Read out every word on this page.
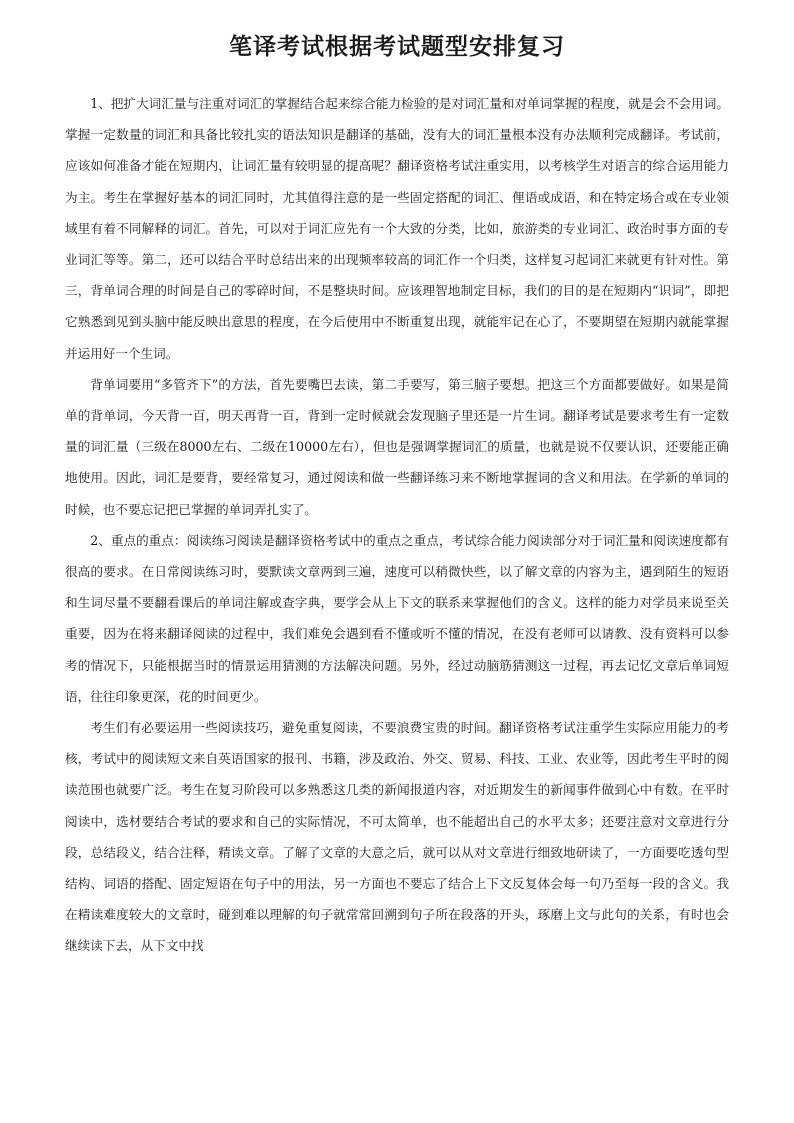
笔译考试根据考试题型安排复习

1、把扩大词汇量与注重对词汇的掌握结合起来综合能力检验的是对词汇量和对单词掌握的程度，就是会不会用词。掌握一定数量的词汇和具备比较扎实的语法知识是翻译的基础，没有大的词汇量根本没有办法顺利完成翻译。考试前，应该如何准备才能在短期内，让词汇量有较明显的提高呢？翻译资格考试注重实用，以考核学生对语言的综合运用能力为主。考生在掌握好基本的词汇同时，尤其值得注意的是一些固定搭配的词汇、俚语或成语，和在特定场合或在专业领域里有着不同解释的词汇。首先，可以对于词汇应先有一个大致的分类，比如，旅游类的专业词汇、政治时事方面的专业词汇等等。第二，还可以结合平时总结出来的出现频率较高的词汇作一个归类，这样复习起词汇来就更有针对性。第三，背单词合理的时间是自己的零碎时间，不是整块时间。应该理智地制定目标，我们的目的是在短期内“识词”，即把它熟悉到见到头脑中能反映出意思的程度，在今后使用中不断重复出现，就能牢记在心了，不要期望在短期内就能掌握并运用好一个生词。

背单词要用“多管齐下”的方法，首先要嘴巴去读，第二手要写，第三脑子要想。把这三个方面都要做好。如果是简单的背单词，今天背一百，明天再背一百，背到一定时候就会发现脑子里还是一片生词。翻译考试是要求考生有一定数量的词汇量（三级在8000左右、二级在10000左右），但也是强调掌握词汇的质量，也就是说不仅要认识，还要能正确地使用。因此，词汇是要背，要经常复习，通过阅读和做一些翻译练习来不断地掌握词的含义和用法。在学新的单词的时候，也不要忘记把已掌握的单词弄扎实了。

2、重点的重点：阅读练习阅读是翻译资格考试中的重点之重点，考试综合能力阅读部分对于词汇量和阅读速度都有很高的要求。在日常阅读练习时，要默读文章两到三遍，速度可以稍微快些，以了解文章的内容为主，遇到陌生的短语和生词尽量不要翻看课后的单词注解或查字典，要学会从上下文的联系来掌握他们的含义。这样的能力对学员来说至关重要，因为在将来翻译阅读的过程中，我们难免会遇到看不懂或听不懂的情况，在没有老师可以请教、没有资料可以参考的情况下，只能根据当时的情景运用猜测的方法解决问题。另外，经过动脑筋猜测这一过程，再去记忆文章后单词短语，往往印象更深，花的时间更少。

考生们有必要运用一些阅读技巧，避免重复阅读，不要浪费宝贵的时间。翻译资格考试注重学生实际应用能力的考核，考试中的阅读短文来自英语国家的报刊、书籍，涉及政治、外交、贸易、科技、工业、农业等，因此考生平时的阅读范围也就要广泛。考生在复习阶段可以多熟悉这几类的新闻报道内容，对近期发生的新闻事件做到心中有数。在平时阅读中，选材要结合考试的要求和自己的实际情况，不可太简单，也不能超出自己的水平太多；还要注意对文章进行分段，总结段义，结合注释，精读文章。了解了文章的大意之后，就可以从对文章进行细致地研读了，一方面要吃透句型结构、词语的搭配、固定短语在句子中的用法，另一方面也不要忘了结合上下文反复体会每一句乃至每一段的含义。我在精读难度较大的文章时，碰到难以理解的句子就常常回溯到句子所在段落的开头，琢磨上文与此句的关系，有时也会继续读下去，从下文中找
